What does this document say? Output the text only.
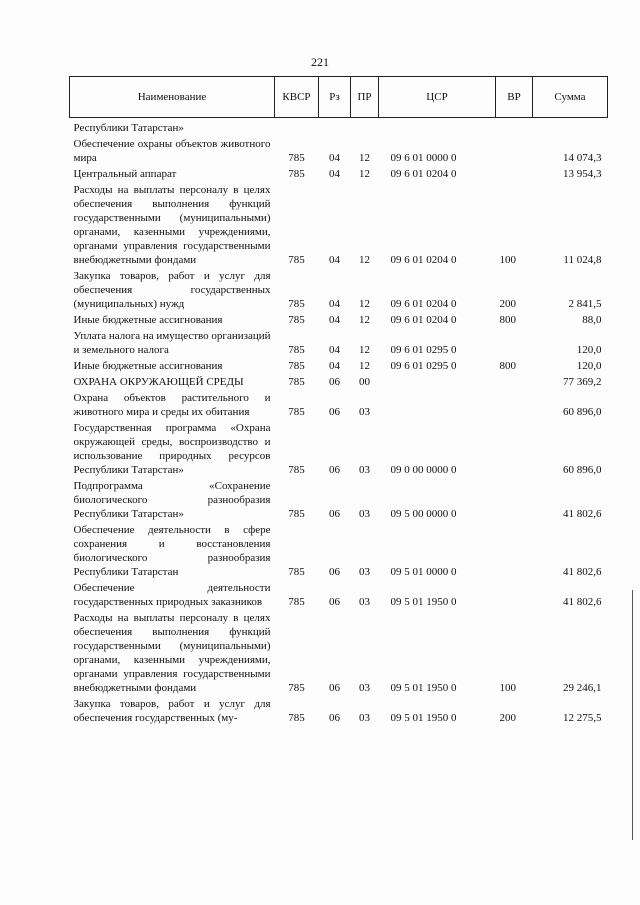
221
Наименование	КВСР	Рз	ПР	ЦСР	ВР	Сумма
Республики Татарстан»						
Обеспечение охраны объектов животного мира	785	04	12	09 6 01 0000 0		14 074,3
Центральный аппарат	785	04	12	09 6 01 0204 0		13 954,3
Расходы на выплаты персоналу в целях обеспечения выполнения функций государственными (муниципальными) органами, казенными учреждениями, органами управления государственными внебюджетными фондами	785	04	12	09 6 01 0204 0	100	11 024,8
Закупка товаров, работ и услуг для обеспечения государственных (муниципальных) нужд	785	04	12	09 6 01 0204 0	200	2 841,5
Иные бюджетные ассигнования	785	04	12	09 6 01 0204 0	800	88,0
Уплата налога на имущество организаций и земельного налога	785	04	12	09 6 01 0295 0		120,0
Иные бюджетные ассигнования	785	04	12	09 6 01 0295 0	800	120,0
ОХРАНА ОКРУЖАЮЩЕЙ СРЕДЫ	785	06	00			77 369,2
Охрана объектов растительного и животного мира и среды их обитания	785	06	03			60 896,0
Государственная программа «Охрана окружающей среды, воспроизводство и использование природных ресурсов Республики Татарстан»	785	06	03	09 0 00 0000 0		60 896,0
Подпрограмма «Сохранение биологического разнообразия Республики Татарстан»	785	06	03	09 5 00 0000 0		41 802,6
Обеспечение деятельности в сфере сохранения и восстановления биологического разнообразия Республики Татарстан	785	06	03	09 5 01 0000 0		41 802,6
Обеспечение деятельности государственных природных заказников	785	06	03	09 5 01 1950 0		41 802,6
Расходы на выплаты персоналу в целях обеспечения выполнения функций государственными (муниципальными) органами, казенными учреждениями, органами управления государственными внебюджетными фондами	785	06	03	09 5 01 1950 0	100	29 246,1
Закупка товаров, работ и услуг для обеспечения государственных (му-	785	06	03	09 5 01 1950 0	200	12 275,5
